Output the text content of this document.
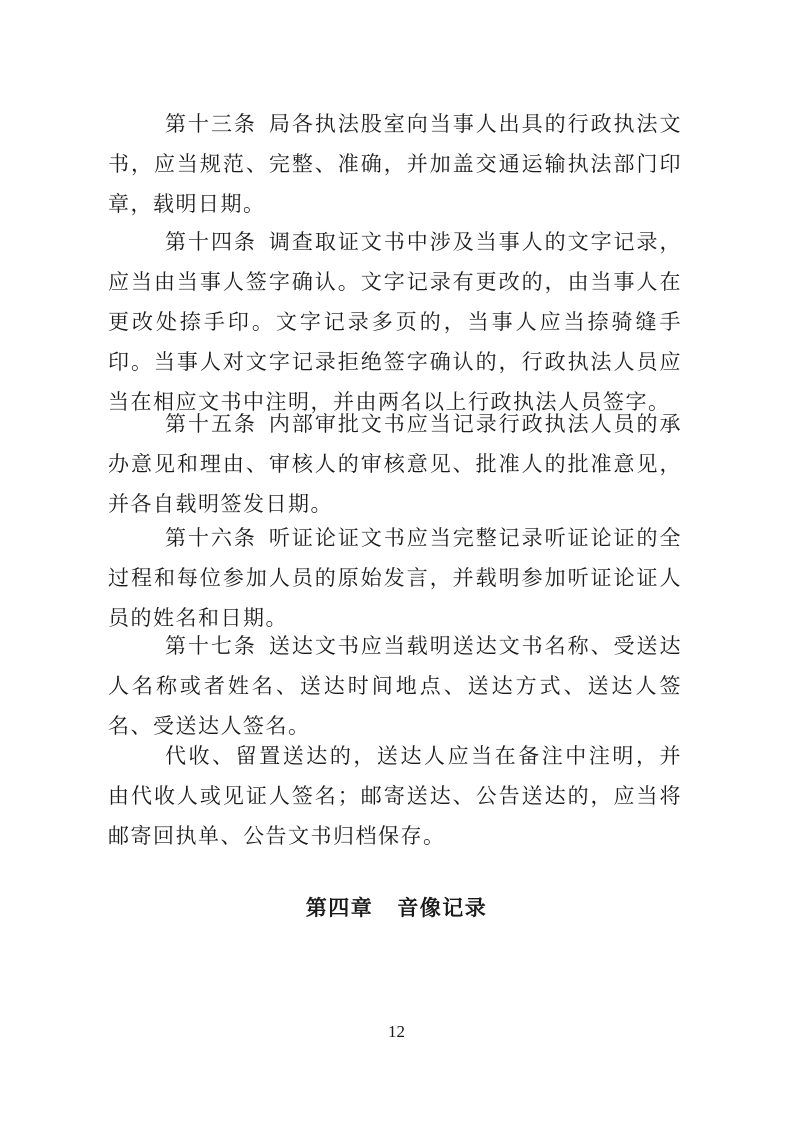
第十三条 局各执法股室向当事人出具的行政执法文书，应当规范、完整、准确，并加盖交通运输执法部门印章，载明日期。

第十四条 调查取证文书中涉及当事人的文字记录，应当由当事人签字确认。文字记录有更改的，由当事人在更改处捺手印。文字记录多页的，当事人应当捺骑缝手印。当事人对文字记录拒绝签字确认的，行政执法人员应当在相应文书中注明，并由两名以上行政执法人员签字。

第十五条 内部审批文书应当记录行政执法人员的承办意见和理由、审核人的审核意见、批准人的批准意见，并各自载明签发日期。

第十六条 听证论证文书应当完整记录听证论证的全过程和每位参加人员的原始发言，并载明参加听证论证人员的姓名和日期。

第十七条 送达文书应当载明送达文书名称、受送达人名称或者姓名、送达时间地点、送达方式、送达人签名、受送达人签名。

代收、留置送达的，送达人应当在备注中注明，并由代收人或见证人签名；邮寄送达、公告送达的，应当将邮寄回执单、公告文书归档保存。

第四章 音像记录
12
